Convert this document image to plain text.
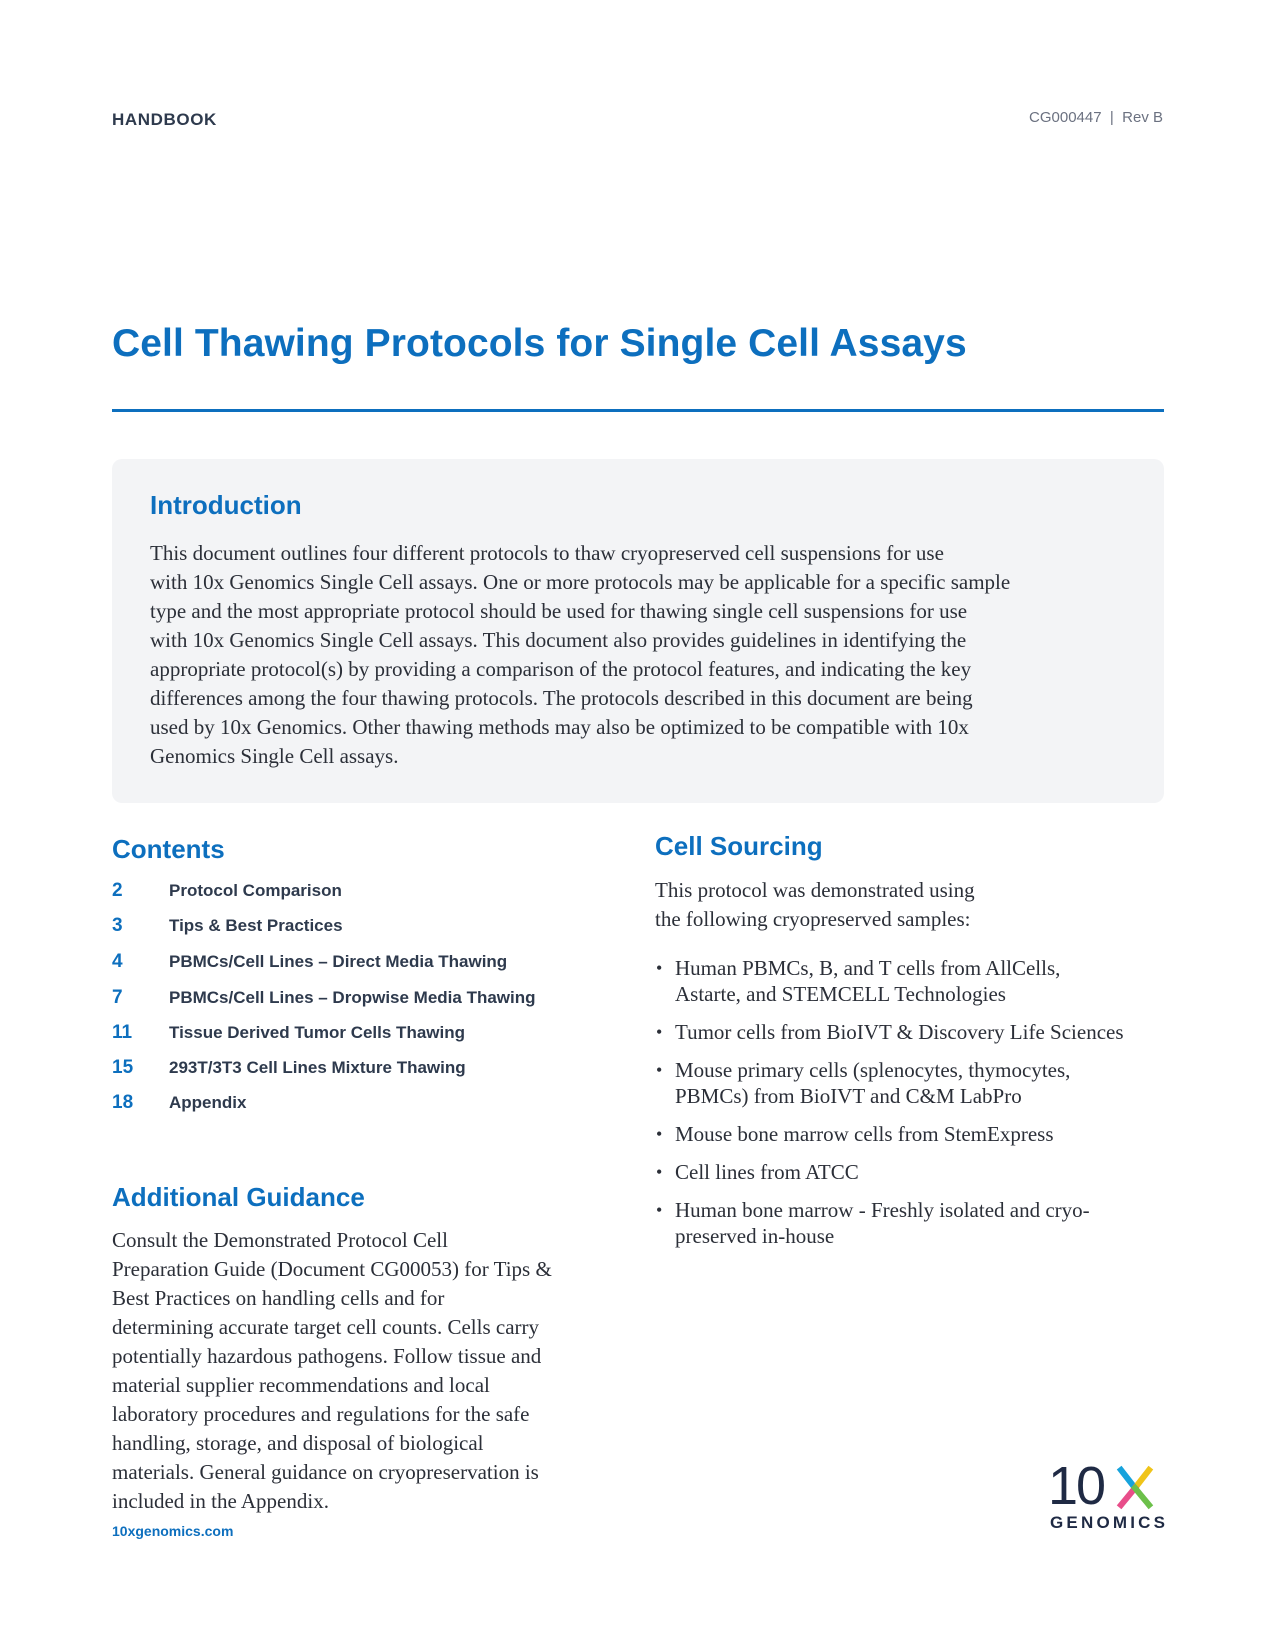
HANDBOOK	CG000447  |  Rev B
Cell Thawing Protocols for Single Cell Assays
Introduction

This document outlines four different protocols to thaw cryopreserved cell suspensions for use
with 10x Genomics Single Cell assays. One or more protocols may be applicable for a specific sample
type and the most appropriate protocol should be used for thawing single cell suspensions for use
with 10x Genomics Single Cell assays. This document also provides guidelines in identifying the
appropriate protocol(s) by providing a comparison of the protocol features, and indicating the key
differences among the four thawing protocols. The protocols described in this document are being
used by 10x Genomics. Other thawing methods may also be optimized to be compatible with 10x
Genomics Single Cell assays.

Contents
2	Protocol Comparison
3	Tips & Best Practices
4	PBMCs/Cell Lines – Direct Media Thawing
7	PBMCs/Cell Lines – Dropwise Media Thawing
11 Tissue Derived Tumor Cells Thawing
15 293T/3T3 Cell Lines Mixture Thawing
18 Appendix
Additional Guidance

Consult the Demonstrated Protocol Cell
Preparation Guide (Document CG00053) for Tips &
Best Practices on handling cells and for
determining accurate target cell counts. Cells carry
potentially hazardous pathogens. Follow tissue and
material supplier recommendations and local
laboratory procedures and regulations for the safe
handling, storage, and disposal of biological
materials. General guidance on cryopreservation is
included in the Appendix.

Cell Sourcing

This protocol was demonstrated using
the following cryopreserved samples:

• Human PBMCs, B, and T cells from AllCells,
Astarte, and STEMCELL Technologies
• Tumor cells from BioIVT & Discovery Life Sciences
• Mouse primary cells (splenocytes, thymocytes,
PBMCs) from BioIVT and C&M LabPro
• Mouse bone marrow cells from StemExpress
• Cell lines from ATCC
• Human bone marrow - Freshly isolated and cryo-
preserved in-house
10xgenomics.com
10
GENOMICS
